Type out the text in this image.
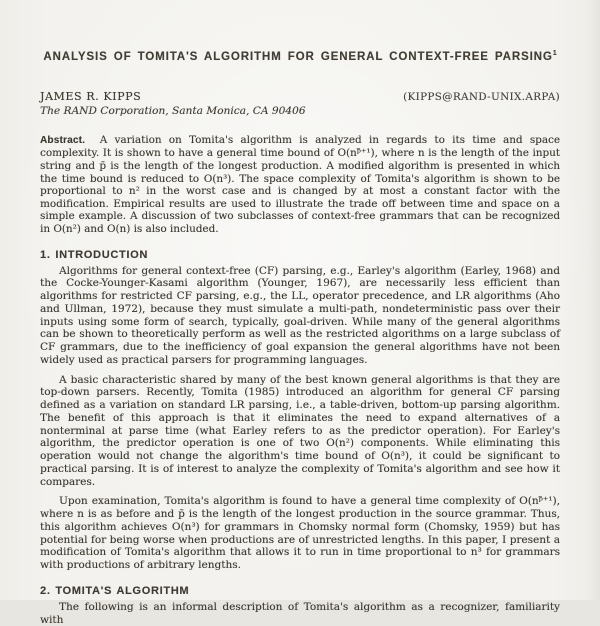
ANALYSIS OF TOMITA'S ALGORITHM FOR GENERAL CONTEXT-FREE PARSING$^1$
JAMES R. KIPPS	(KIPPS@RAND-UNIX.ARPA)
The RAND Corporation, Santa Monica, CA 90406

Abstract. A variation on Tomita's algorithm is analyzed in regards to its time and space complexity. It is shown to have a general time bound of O(nᵖ̄⁺¹), where n is the length of the input string and p̄ is the length of the longest production. A modified algorithm is presented in which the time bound is reduced to O(n³). The space complexity of Tomita's algorithm is shown to be proportional to n² in the worst case and is changed by at most a constant factor with the modification. Empirical results are used to illustrate the trade off between time and space on a simple example. A discussion of two subclasses of context-free grammars that can be recognized in O(n²) and O(n) is also included.

1. INTRODUCTION

Algorithms for general context-free (CF) parsing, e.g., Earley's algorithm (Earley, 1968) and the Cocke-Younger-Kasami algorithm (Younger, 1967), are necessarily less efficient than algorithms for restricted CF parsing, e.g., the LL, operator precedence, and LR algorithms (Aho and Ullman, 1972), because they must simulate a multi-path, nondeterministic pass over their inputs using some form of search, typically, goal-driven. While many of the general algorithms can be shown to theoretically perform as well as the restricted algorithms on a large subclass of CF grammars, due to the inefficiency of goal expansion the general algorithms have not been widely used as practical parsers for programming languages.

A basic characteristic shared by many of the best known general algorithms is that they are top-down parsers. Recently, Tomita (1985) introduced an algorithm for general CF parsing defined as a variation on standard LR parsing, i.e., a table-driven, bottom-up parsing algorithm. The benefit of this approach is that it eliminates the need to expand alternatives of a nonterminal at parse time (what Earley refers to as the predictor operation). For Earley's algorithm, the predictor operation is one of two O(n²) components. While eliminating this operation would not change the algorithm's time bound of O(n³), it could be significant to practical parsing. It is of interest to analyze the complexity of Tomita's algorithm and see how it compares.

Upon examination, Tomita's algorithm is found to have a general time complexity of O(nᵖ̄⁺¹), where n is as before and p̄ is the length of the longest production in the source grammar. Thus, this algorithm achieves O(n³) for grammars in Chomsky normal form (Chomsky, 1959) but has potential for being worse when productions are of unrestricted lengths. In this paper, I present a modification of Tomita's algorithm that allows it to run in time proportional to n³ for grammars with productions of arbitrary lengths.

2. TOMITA'S ALGORITHM

The following is an informal description of Tomita's algorithm as a recognizer, familiarity with
